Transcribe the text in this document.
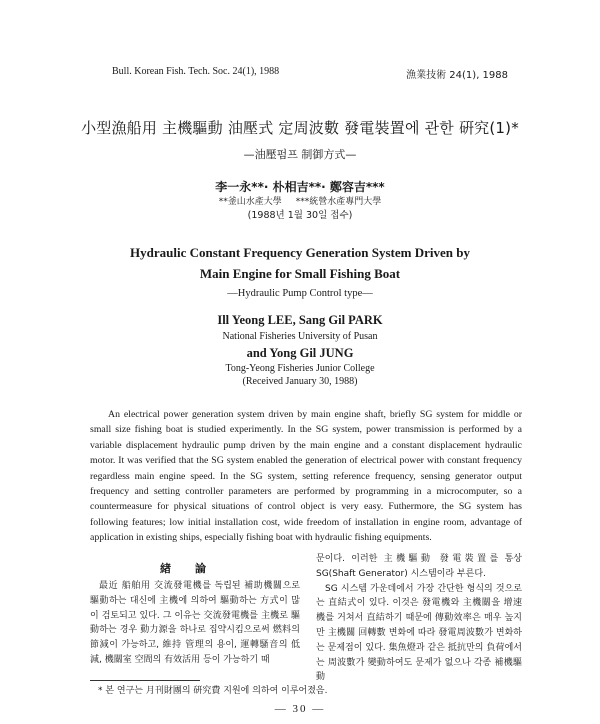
Bull. Korean Fish. Tech. Soc. 24(1), 1988	漁業技術 24(1), 1988
小型漁船用 主機驅動 油壓式 定周波數 發電裝置에 관한 硏究(1)*
—油壓펌프 制御方式—
李一永**· 朴相吉**· 鄭容吉***
**釜山水產大學 ***統營水產專門大學
(1988년 1월 30일 접수)
Hydraulic Constant Frequency Generation System Driven by
Main Engine for Small Fishing Boat
—Hydraulic Pump Control type—
Ill Yeong LEE, Sang Gil PARK
National Fisheries University of Pusan
and Yong Gil JUNG
Tong-Yeong Fisheries Junior College
(Received January 30, 1988)

An electrical power generation system driven by main engine shaft, briefly SG system for middle or small size fishing boat is studied experimently. In the SG system, power transmission is performed by a variable displacement hydraulic pump driven by the main engine and a constant displacement hydraulic motor. It was verified that the SG system enabled the generation of electrical power with constant frequency regardless main engine speed. In the SG system, setting reference frequency, sensing generator output frequency and setting controller parameters are performed by programming in a microcomputer, so a countermeasure for physical situations of control object is very easy. Futhermore, the SG system has following features; low initial installation cost, wide freedom of installation in engine room, advantage of application in existing ships, especially fishing boat with hydraulic fishing equipments.

緖論

最近 船舶用 交流發電機를 독립된 補助機關으로 驅動하는 대신에 主機에 의하여 驅動하는 方式이 많이 검토되고 있다. 그 이유는 交流發電機를 主機로 驅動하는 경우 動力源을 하나로 집약시킴으로써 燃料의 節減이 가능하고, 維持 管理의 용이, 運轉騷音의 低減, 機關室 空間의 有效活用 등이 가능하기 때

문이다. 이러한 主機驅動 發電裝置를 통상 SG(Shaft Generator) 시스템이라 부른다.

SG 시스템 가운데에서 가장 간단한 형식의 것으로는 直結式이 있다. 이것은 發電機와 主機關을 增速機를 거쳐서 直結하기 때문에 傳動效率은 매우 높지만 主機關 回轉數 변화에 따라 發電周波數가 변화하는 문제점이 있다. 集魚燈과 같은 抵抗만의 負荷에서는 周波數가 變動하여도 문제가 없으나 각종 補機驅動

* 본 연구는 月刊財團의 硏究費 지원에 의하여 이루어졌음.
— 30 —
